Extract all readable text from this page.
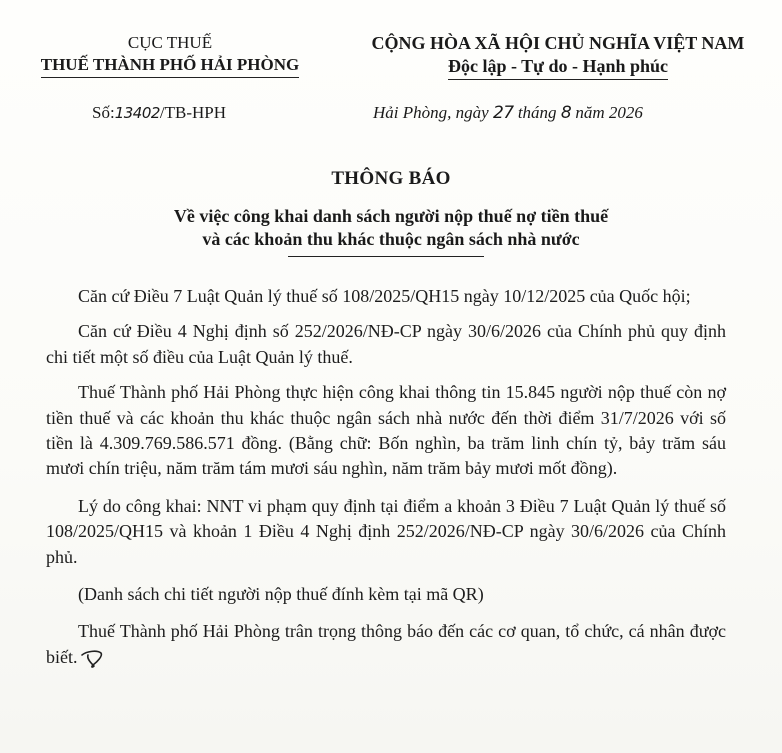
CỤC THUẾ
THUẾ THÀNH PHỐ HẢI PHÒNG
CỘNG HÒA XÃ HỘI CHỦ NGHĨA VIỆT NAM
Độc lập - Tự do - Hạnh phúc
Số:13402/TB-HPH	Hải Phòng, ngày 27 tháng 8 năm 2026
THÔNG BÁO
Về việc công khai danh sách người nộp thuế nợ tiền thuế
và các khoản thu khác thuộc ngân sách nhà nước

Căn cứ Điều 7 Luật Quản lý thuế số 108/2025/QH15 ngày 10/12/2025 của Quốc hội;

Căn cứ Điều 4 Nghị định số 252/2026/NĐ-CP ngày 30/6/2026 của Chính phủ quy định chi tiết một số điều của Luật Quản lý thuế.

Thuế Thành phố Hải Phòng thực hiện công khai thông tin 15.845 người nộp thuế còn nợ tiền thuế và các khoản thu khác thuộc ngân sách nhà nước đến thời điểm 31/7/2026 với số tiền là 4.309.769.586.571 đồng. (Bằng chữ: Bốn nghìn, ba trăm linh chín tỷ, bảy trăm sáu mươi chín triệu, năm trăm tám mươi sáu nghìn, năm trăm bảy mươi mốt đồng).

Lý do công khai: NNT vi phạm quy định tại điểm a khoản 3 Điều 7 Luật Quản lý thuế số 108/2025/QH15 và khoản 1 Điều 4 Nghị định 252/2026/NĐ-CP ngày 30/6/2026 của Chính phủ.

(Danh sách chi tiết người nộp thuế đính kèm tại mã QR)

Thuế Thành phố Hải Phòng trân trọng thông báo đến các cơ quan, tổ chức, cá nhân được biết.
